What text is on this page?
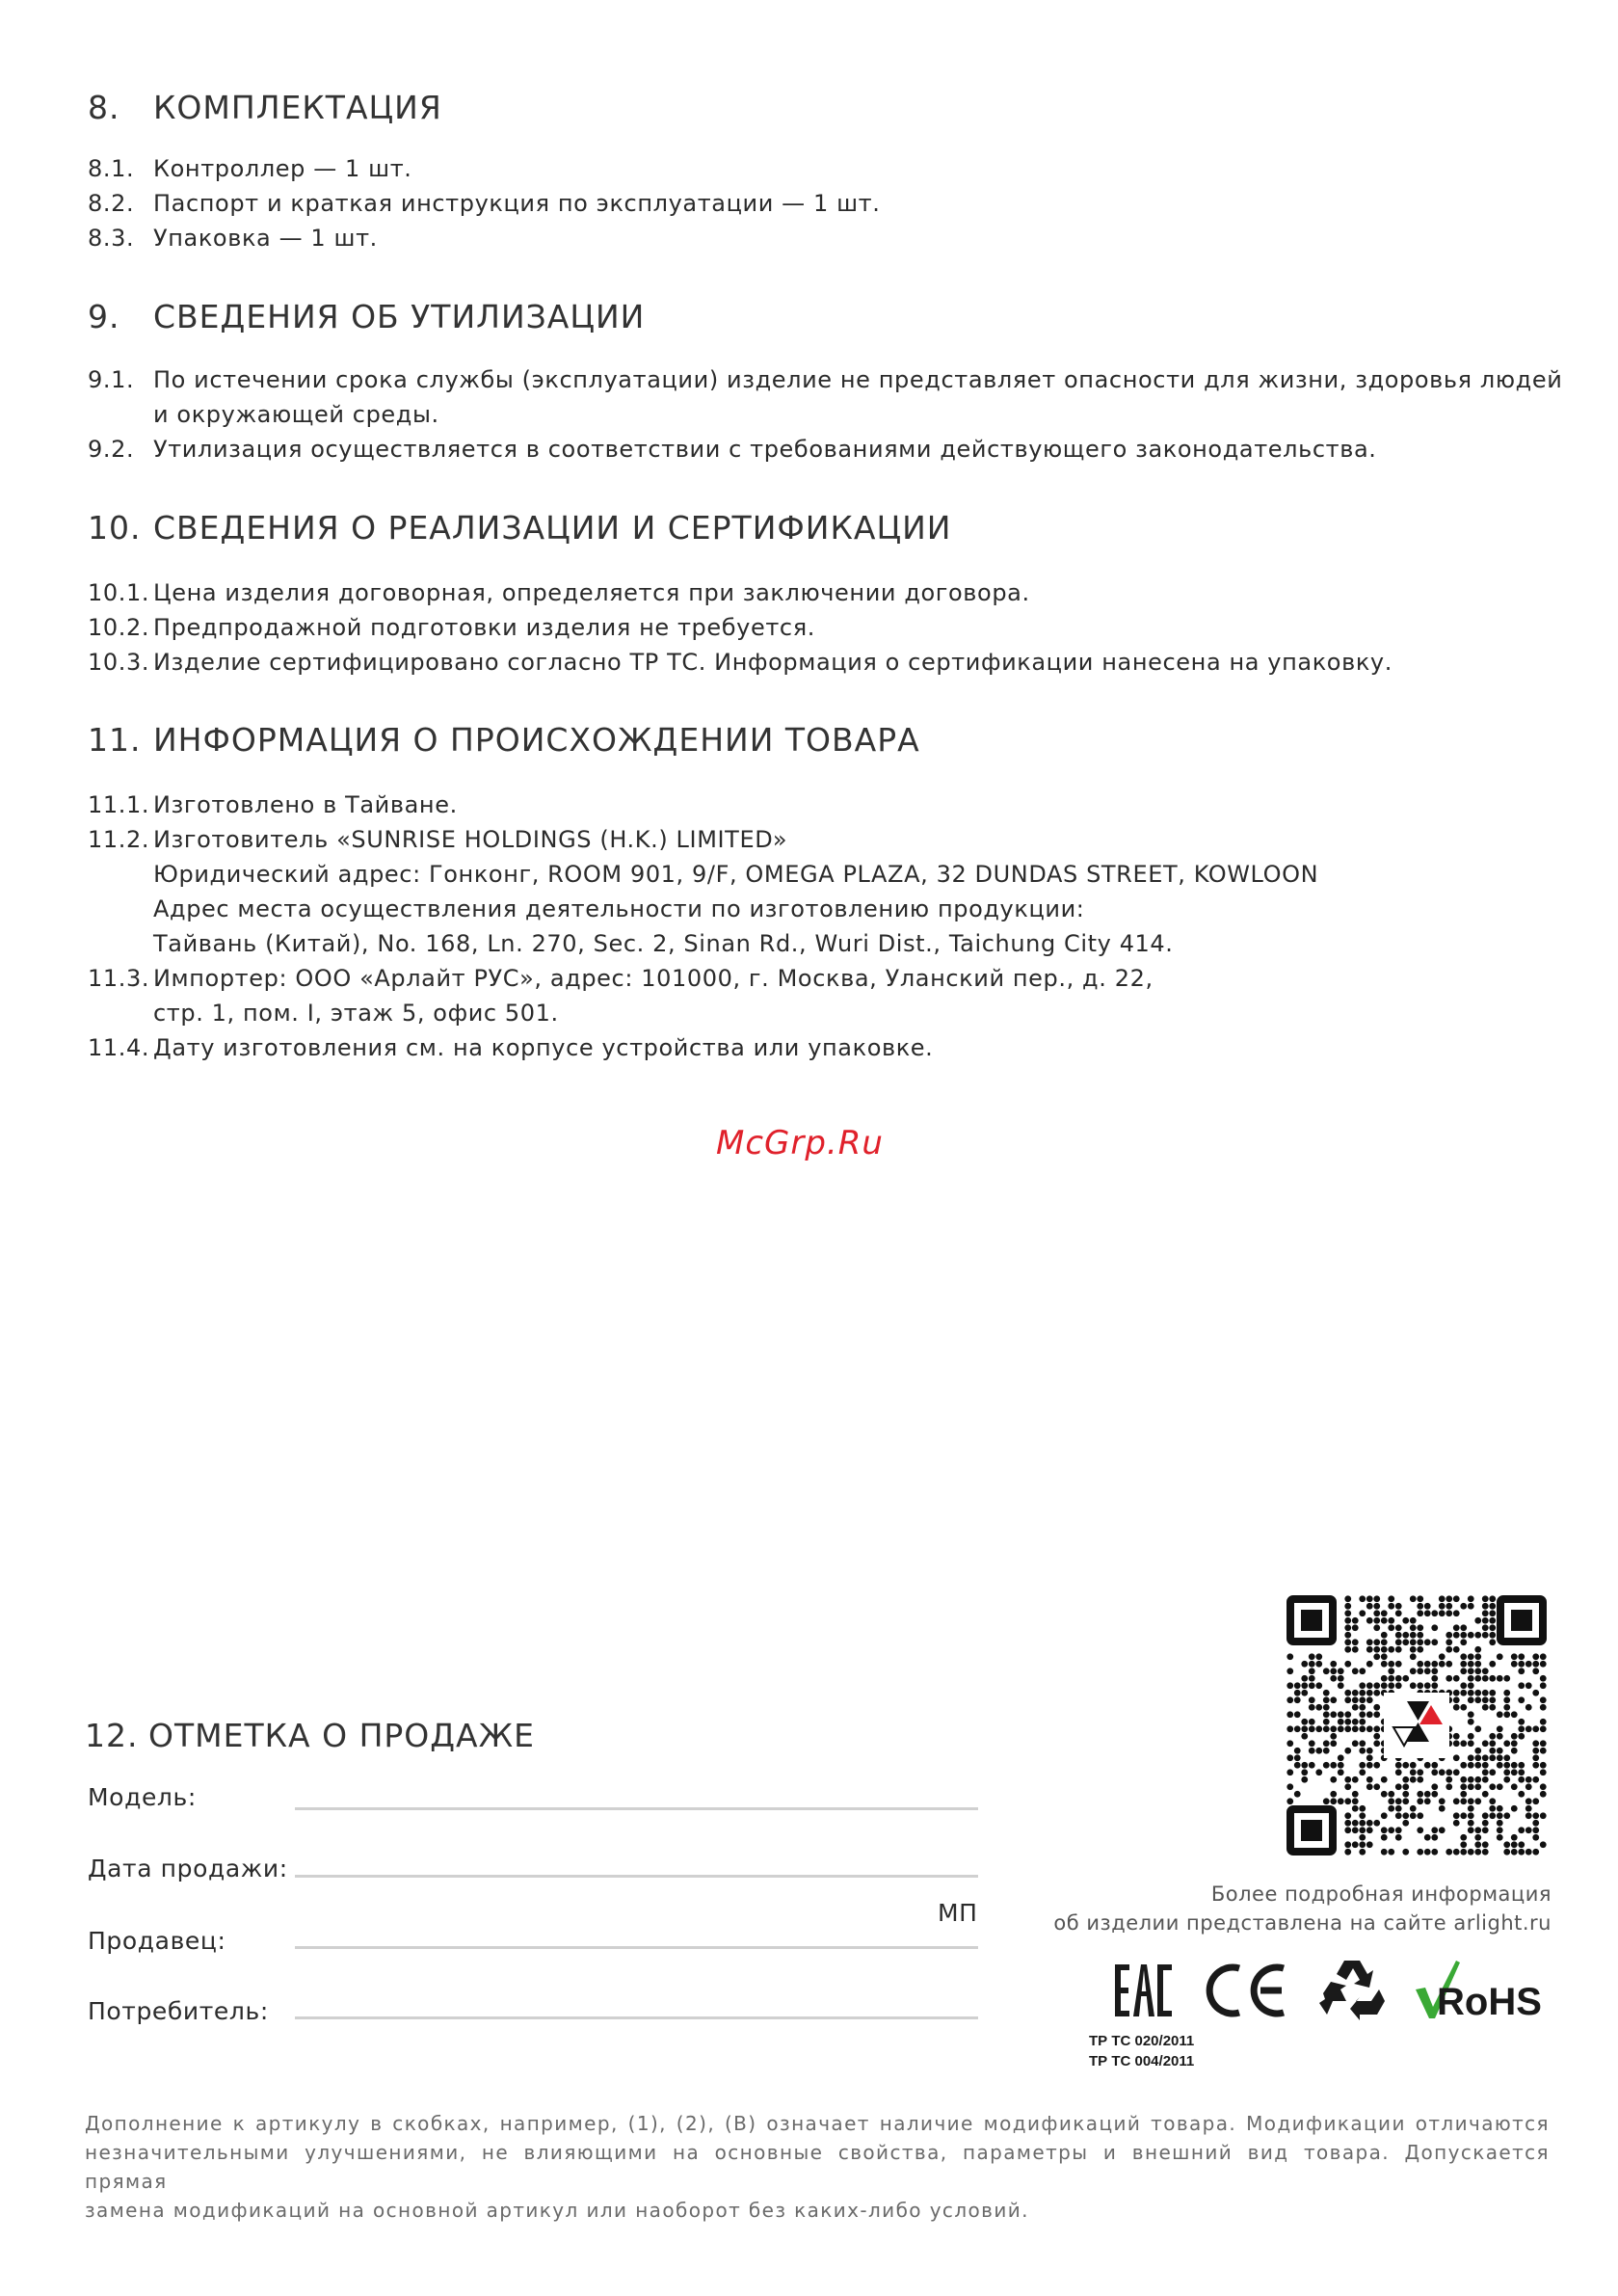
8. КОМПЛЕКТАЦИЯ
8.1. Контроллер — 1 шт.
8.2. Паспорт и краткая инструкция по эксплуатации — 1 шт.
8.3. Упаковка — 1 шт.
9. СВЕДЕНИЯ ОБ УТИЛИЗАЦИИ
9.1. По истечении срока службы (эксплуатации) изделие не представляет опасности для жизни, здоровья людей
и окружающей среды.
9.2. Утилизация осуществляется в соответствии с требованиями действующего законодательства.
10. СВЕДЕНИЯ О РЕАЛИЗАЦИИ И СЕРТИФИКАЦИИ
10.1. Цена изделия договорная, определяется при заключении договора.
10.2. Предпродажной подготовки изделия не требуется.
10.3. Изделие сертифицировано согласно ТР ТС. Информация о сертификации нанесена на упаковку.
11. ИНФОРМАЦИЯ О ПРОИСХОЖДЕНИИ ТОВАРА
11.1. Изготовлено в Тайване.
11.2. Изготовитель «SUNRISE HOLDINGS (H.K.) LIMITED»
Юридический адрес: Гонконг, ROOM 901, 9/F, OMEGA PLAZA, 32 DUNDAS STREET, KOWLOON
Адрес места осуществления деятельности по изготовлению продукции:
Тайвань (Китай), No. 168, Ln. 270, Sec. 2, Sinan Rd., Wuri Dist., Taichung City 414.
11.3. Импортер: ООО «Арлайт РУС», адрес: 101000, г. Москва, Уланский пер., д. 22,
стр. 1, пом. I, этаж 5, офис 501.
11.4. Дату изготовления см. на корпусе устройства или упаковке.
McGrp.Ru
12. ОТМЕТКА О ПРОДАЖЕ
Модель:
Дата продажи:
МП
Продавец:
Потребитель:
Более подробная информация
об изделии представлена на сайте arlight.ru
RoHS
ТР ТС 020/2011
ТР ТС 004/2011
Дополнение к артикулу в скобках, например, (1), (2), (B) означает наличие модификаций товара. Модификации отличаются
незначительными улучшениями, не влияющими на основные свойства, параметры и внешний вид товара. Допускается прямая
замена модификаций на основной артикул или наоборот без каких-либо условий.
